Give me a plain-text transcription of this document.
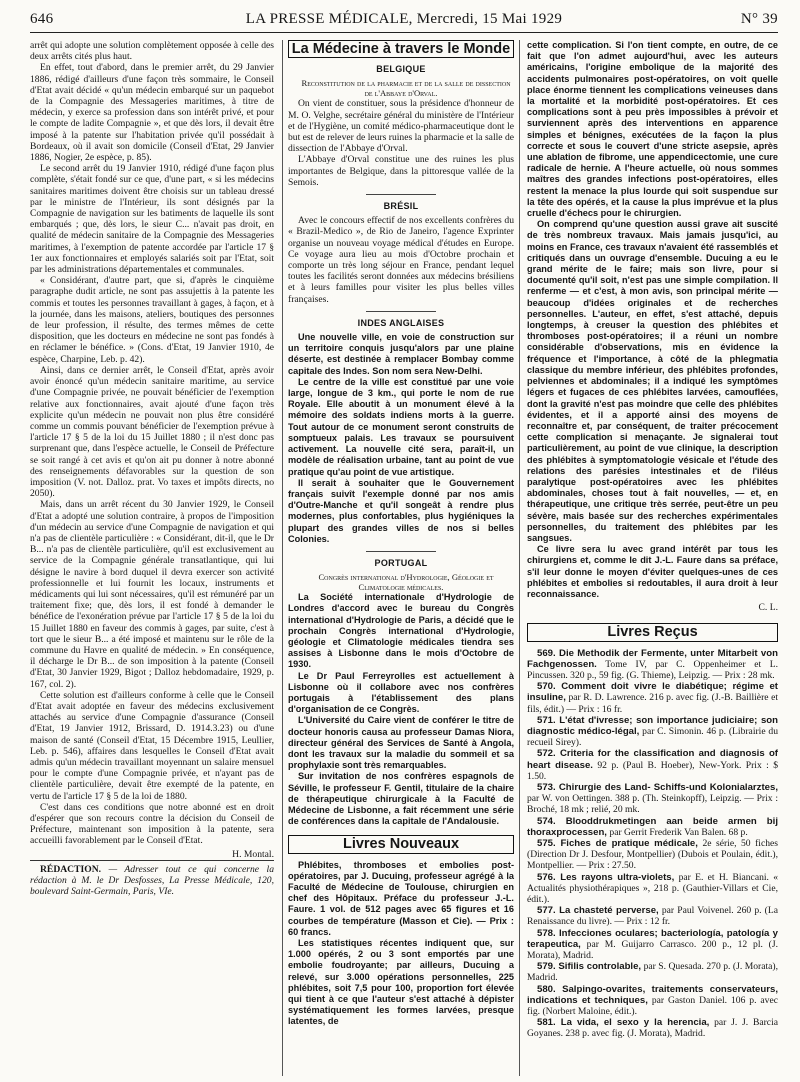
646	LA PRESSE MÉDICALE, Mercredi, 15 Mai 1929	N° 39

arrêt qui adopte une solution complètement opposée à celle des deux arrêts cités plus haut.

En effet, tout d'abord, dans le premier arrêt, du 29 Janvier 1886, rédigé d'ailleurs d'une façon très sommaire, le Conseil d'Etat avait décidé « qu'un médecin embarqué sur un paquebot de la Compagnie des Messageries maritimes, à titre de médecin, y exerce sa profession dans son intérêt privé, et pour le compte de ladite Compagnie », et que dès lors, il devait être imposé à la patente sur l'habitation privée qu'il possédait à Bordeaux, où il avait son domicile (Conseil d'Etat, 29 Janvier 1886, Nogier, 2e espèce, p. 85).

Le second arrêt du 19 Janvier 1910, rédigé d'une façon plus complète, s'était fondé sur ce que, d'une part, « si les médecins sanitaires maritimes doivent être choisis sur un tableau dressé par le ministre de l'Intérieur, ils sont désignés par la Compagnie de navigation sur les batiments de laquelle ils sont embarqués ; que, dès lors, le sieur C... n'avait pas droit, en qualité de médecin sanitaire de la Compagnie des Messageries maritimes, à l'exemption de patente accordée par l'article 17 § 1er aux fonctionnaires et employés salariés soit par l'Etat, soit par les administrations départementales et communales.

« Considérant, d'autre part, que si, d'après le cinquième paragraphe dudit article, ne sont pas assujettis à la patente les commis et toutes les personnes travaillant à gages, à façon, et à la journée, dans les maisons, ateliers, boutiques des personnes de leur profession, il résulte, des termes mêmes de cette disposition, que les docteurs en médecine ne sont pas fondés à en réclamer le bénéfice. » (Cons. d'Etat, 19 Janvier 1910, 4e espèce, Charpine, Leb. p. 42).

Ainsi, dans ce dernier arrêt, le Conseil d'Etat, après avoir avoir énoncé qu'un médecin sanitaire maritime, au service d'une Compagnie privée, ne pouvait bénéficier de l'exemption relative aux fonctionnaires, avait ajouté d'une façon très explicite qu'un médecin ne pouvait non plus être considéré comme un commis pouvant bénéficier de l'exemption prévue à l'article 17 § 5 de la loi du 15 Juillet 1880 ; il n'est donc pas surprenant que, dans l'espèce actuelle, le Conseil de Préfecture se soit rangé à cet avis et qu'on ait pu donner à notre abonné des renseignements défavorables sur la question de son imposition (V. not. Dalloz. prat. Vo taxes et impôts directs, no 2050).

Mais, dans un arrêt récent du 30 Janvier 1929, le Conseil d'Etat a adopté une solution contraire, à propos de l'imposition d'un médecin au service d'une Compagnie de navigation et qui n'a pas de clientèle particulière : « Considérant, dit-il, que le Dr B... n'a pas de clientèle particulière, qu'il est exclusivement au service de la Compagnie générale transatlantique, qui lui désigne le navire à bord duquel il devra exercer son activité professionnelle et lui fournit les locaux, instruments et médicaments qui lui sont nécessaires, qu'il est rémunéré par un traitement fixe; que, dès lors, il est fondé à demander le bénéfice de l'exonération prévue par l'article 17 § 5 de la loi du 15 Juillet 1880 en faveur des commis à gages, par suite, c'est à tort que le sieur B... a été imposé et maintenu sur le rôle de la commune du Havre en qualité de médecin. » En conséquence, il décharge le Dr B... de son imposition à la patente (Conseil d'Etat, 30 Janvier 1929, Bigot ; Dalloz hebdomadaire, 1929, p. 167, col. 2).

Cette solution est d'ailleurs conforme à celle que le Conseil d'Etat avait adoptée en faveur des médecins exclusivement attachés au service d'une Compagnie d'assurance (Conseil d'Etat, 19 Janvier 1912, Brissard, D. 1914.3.23) ou d'une maison de santé (Conseil d'Etat, 15 Décembre 1915, Leullier, Leb. p. 546), affaires dans lesquelles le Conseil d'Etat avait admis qu'un médecin travaillant moyennant un salaire mensuel pour le compte d'une Compagnie privée, et n'ayant pas de clientèle particulière, devait être exempté de la patente, en vertu de l'article 17 § 5 de la loi de 1880.

C'est dans ces conditions que notre abonné est en droit d'espérer que son recours contre la décision du Conseil de Préfecture, maintenant son imposition à la patente, sera accueilli favorablement par le Conseil d'Etat.

H. Montal.

RÉDACTION. — Adresser tout ce qui concerne la rédaction à M. le Dr Desfosses, La Presse Médicale, 120, boulevard Saint-Germain, Paris, VIe.

La Médecine à travers le Monde
BELGIQUE

Reconstitution de la pharmacie et de la salle de dissection de l'Abbaye d'Orval.

On vient de constituer, sous la présidence d'honneur de M. O. Velghe, secrétaire général du ministère de l'Intérieur et de l'Hygiène, un comité médico-pharmaceutique dont le but est de relever de leurs ruines la pharmacie et la salle de dissection de l'Abbaye d'Orval.

L'Abbaye d'Orval constitue une des ruines les plus importantes de Belgique, dans la pittoresque vallée de la Semois.

BRÉSIL

Avec le concours effectif de nos excellents confrères du « Brazil-Medico », de Rio de Janeiro, l'agence Exprinter organise un nouveau voyage médical d'études en Europe. Ce voyage aura lieu au mois d'Octobre prochain et comporte un très long séjour en France, pendant lequel toutes les facilités seront données aux médecins brésiliens et à leurs familles pour visiter les plus belles villes françaises.

INDES ANGLAISES

Une nouvelle ville, en voie de construction sur un territoire conquis jusqu'alors par une plaine déserte, est destinée à remplacer Bombay comme capitale des Indes. Son nom sera New-Delhi.

Le centre de la ville est constitué par une voie large, longue de 3 km., qui porte le nom de rue Royale. Elle aboutit à un monument élevé à la mémoire des soldats indiens morts à la guerre. Tout autour de ce monument seront construits de somptueux palais. Les travaux se poursuivent activement. La nouvelle cité sera, paraît-il, un modèle de réalisation urbaine, tant au point de vue pratique qu'au point de vue artistique.

Il serait à souhaiter que le Gouvernement français suivît l'exemple donné par nos amis d'Outre-Manche et qu'il songeât à rendre plus modernes, plus confortables, plus hygiéniques la plupart des grandes villes de nos si belles Colonies.

PORTUGAL

Congrès international d'Hydrologie, Géologie et Climatologie médicales.

La Société internationale d'Hydrologie de Londres d'accord avec le bureau du Congrès international d'Hydrologie de Paris, a décidé que le prochain Congrès international d'Hydrologie, géologie et Climatologie médicales tiendra ses assises à Lisbonne dans le mois d'Octobre de 1930.

Le Dr Paul Ferreyrolles est actuellement à Lisbonne où il collabore avec nos confrères portugais à l'établissement des plans d'organisation de ce Congrès.

L'Université du Caire vient de conférer le titre de docteur honoris causa au professeur Damas Niora, directeur général des Services de Santé à Angola, dont les travaux sur la maladie du sommeil et sa prophylaxie sont très remarquables.

Sur invitation de nos confrères espagnols de Séville, le professeur F. Gentil, titulaire de la chaire de thérapeutique chirurgicale à la Faculté de Médecine de Lisbonne, a fait récemment une série de conférences dans la capitale de l'Andalousie.

Livres Nouveaux

Phlébites, thromboses et embolies post-opératoires, par J. Ducuing, professeur agrégé à la Faculté de Médecine de Toulouse, chirurgien en chef des Hôpitaux. Préface du professeur J.-L. Faure. 1 vol. de 512 pages avec 65 figures et 16 courbes de température (Masson et Cie). — Prix : 60 francs.

Les statistiques récentes indiquent que, sur 1.000 opérés, 2 ou 3 sont emportés par une embolie foudroyante; par ailleurs, Ducuing a relevé, sur 3.000 opérations personnelles, 225 phlébites, soit 7,5 pour 100, proportion fort élevée qui tient à ce que l'auteur s'est attaché à dépister systématiquement les formes larvées, presque latentes, de

cette complication. Si l'on tient compte, en outre, de ce fait que l'on admet aujourd'hui, avec les auteurs américains, l'origine embolique de la majorité des accidents pulmonaires post-opératoires, on voit quelle place énorme tiennent les complications veineuses dans la mortalité et la morbidité post-opératoires. Et ces complications sont à peu près impossibles à prévoir et surviennent après des interventions en apparence simples et bénignes, exécutées de la façon la plus correcte et sous le couvert d'une stricte asepsie, après une ablation de fibrome, une appendicectomie, une cure radicale de hernie. A l'heure actuelle, où nous sommes maîtres des grandes infections post-opératoires, elles restent la menace la plus lourde qui soit suspendue sur la tête des opérés, et la cause la plus imprévue et la plus cruelle d'échecs pour le chirurgien.

On comprend qu'une question aussi grave ait suscité de très nombreux travaux. Mais jamais jusqu'ici, au moins en France, ces travaux n'avaient été rassemblés et critiqués dans un ouvrage d'ensemble. Ducuing a eu le grand mérite de le faire; mais son livre, pour si documenté qu'il soit, n'est pas une simple compilation. Il renferme — et c'est, à mon avis, son principal mérite — beaucoup d'idées originales et de recherches personnelles. L'auteur, en effet, s'est attaché, depuis longtemps, à creuser la question des phlébites et thromboses post-opératoires; il a réuni un nombre considérable d'observations, mis en évidence la fréquence et l'importance, à côté de la phlegmatia classique du membre inférieur, des phlébites profondes, pelviennes et abdominales; il a indiqué les symptômes légers et fugaces de ces phlébites larvées, camouflées, dont la gravité n'est pas moindre que celle des phlébites évidentes, et il a apporté ainsi des moyens de reconnaître et, par conséquent, de traiter précocement cette complication si menaçante. Je signalerai tout particulièrement, au point de vue clinique, la description des phlébites à symptomatologie vésicale et l'étude des relations des parésies intestinales et de l'iléus paralytique post-opératoires avec les phlébites abdominales, choses tout à fait nouvelles, — et, en thérapeutique, une critique très serrée, peut-être un peu sévère, mais basée sur des recherches expérimentales personnelles, du traitement des phlébites par les sangsues.

Ce livre sera lu avec grand intérêt par tous les chirurgiens et, comme le dit J.-L. Faure dans sa préface, s'il leur donne le moyen d'éviter quelques-unes de ces phlébites et embolies si redoutables, il aura droit à leur reconnaissance.

C. L.
Livres Reçus

569. Die Methodik der Fermente, unter Mitarbeit von Fachgenossen. Tome IV, par C. Oppenheimer et L. Pincussen. 320 p., 59 fig. (G. Thieme), Leipzig. — Prix : 28 mk.

570. Comment doit vivre le diabétique; régime et insuline, par R. D. Lawrence. 216 p. avec fig. (J.-B. Baillière et fils, édit.) — Prix : 16 fr.

571. L'état d'ivresse; son importance judiciaire; son diagnostic médico-légal, par C. Simonin. 46 p. (Librairie du recueil Sirey).

572. Criteria for the classification and diagnosis of heart disease. 92 p. (Paul B. Hoeber), New-York. Prix : $ 1.50.

573. Chirurgie des Land- Schiffs-und Kolonialarztes, par W. von Oettingen. 388 p. (Th. Steinkopff), Leipzig. — Prix : Broché, 18 mk ; relié, 20 mk.

574. Blooddrukmetingen aan beide armen bij thoraxprocessen, par Gerrit Frederik Van Balen. 68 p.

575. Fiches de pratique médicale, 2e série, 50 fiches (Direction Dr J. Desfour, Montpellier) (Dubois et Poulain, édit.), Montpellier. — Prix : 27.50.

576. Les rayons ultra-violets, par E. et H. Biancani. « Actualités physiothérapiques », 218 p. (Gauthier-Villars et Cie, édit.).

577. La chasteté perverse, par Paul Voivenel. 260 p. (La Renaissance du livre). — Prix : 12 fr.

578. Infecciones oculares; bacteriología, patología y terapeutica, par M. Guijarro Carrasco. 200 p., 12 pl. (J. Morata), Madrid.

579. Sifilis controlable, par S. Quesada. 270 p. (J. Morata), Madrid.

580. Salpingo-ovarites, traitements conservateurs, indications et techniques, par Gaston Daniel. 106 p. avec fig. (Norbert Maloine, édit.).

581. La vida, el sexo y la herencia, par J. J. Barcia Goyanes. 238 p. avec fig. (J. Morata), Madrid.
